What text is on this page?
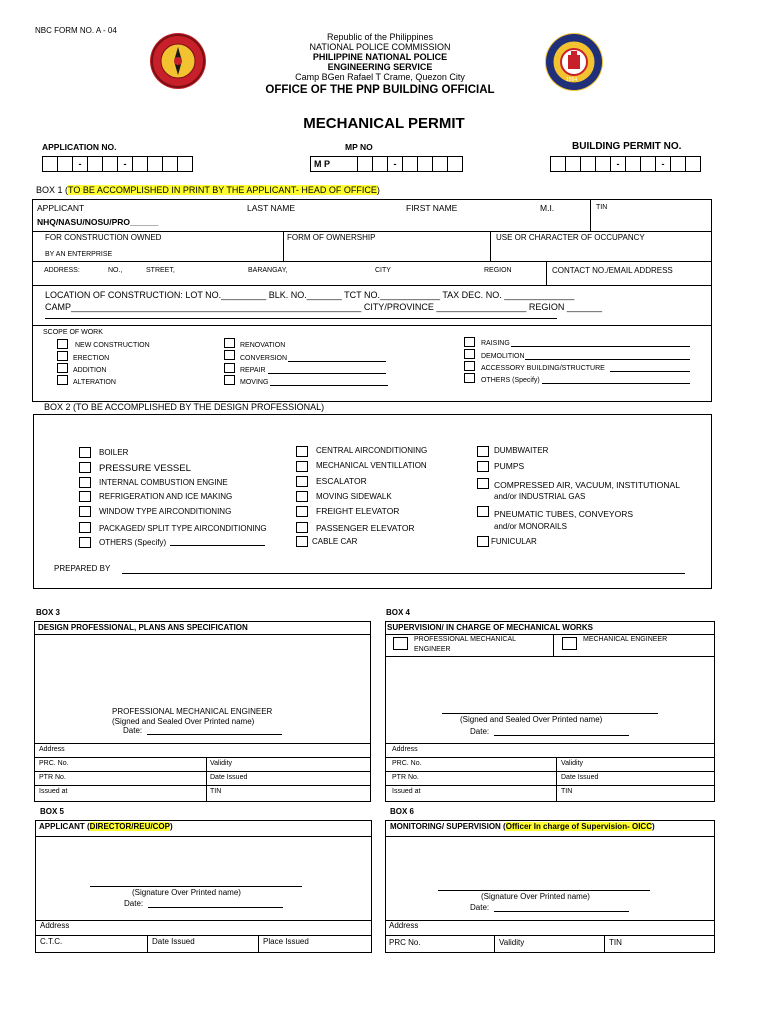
NBC FORM NO. A - 04
1994
Republic of the Philippines
NATIONAL POLICE COMMISSION
PHILIPPINE NATIONAL POLICE
ENGINEERING SERVICE
Camp BGen Rafael T Crame, Quezon City
OFFICE OF THE PNP BUILDING OFFICIAL
MECHANICAL PERMIT
APPLICATION NO.	MP NO	BUILDING PERMIT NO.
-	-	M P	-	-	-
BOX 1 (TO BE ACCOMPLISHED IN PRINT BY THE APPLICANT- HEAD OF OFFICE)
APPLICANT
NHQ/NASU/NOSU/PRO______
LAST NAME	FIRST NAME	M.I.	TIN
FOR CONSTRUCTION OWNED
BY AN ENTERPRISE
FORM OF OWNERSHIP	USE OR CHARACTER OF OCCUPANCY
ADDRESS:	NO.,	STREET,	BARANGAY,	CITY	REGION	CONTACT NO./EMAIL ADDRESS
LOCATION OF CONSTRUCTION: LOT NO._________ BLK. NO._______ TCT NO.____________ TAX DEC. NO. ______________
CAMP__________________________________________________________ CITY/PROVINCE __________________ REGION _______
SCOPE OF WORK
NEW CONSTRUCTION
ERECTION
ADDITION
ALTERATION
RENOVATION
CONVERSION
REPAIR
MOVING
RAISING
DEMOLITION
ACCESSORY BUILDING/STRUCTURE
OTHERS (Specify)
BOX 2 (TO BE ACCOMPLISHED BY THE DESIGN PROFESSIONAL)
BOILER
PRESSURE VESSEL
INTERNAL COMBUSTION ENGINE
REFRIGERATION AND ICE MAKING
WINDOW TYPE AIRCONDITIONING
PACKAGED/ SPLIT TYPE AIRCONDITIONING
OTHERS (Specify)
CENTRAL AIRCONDITIONING
MECHANICAL VENTILLATION
ESCALATOR
MOVING SIDEWALK
FREIGHT ELEVATOR
PASSENGER ELEVATOR
CABLE CAR
DUMBWAITER
PUMPS
COMPRESSED AIR, VACUUM, INSTITUTIONAL
and/or INDUSTRIAL GAS
PNEUMATIC TUBES, CONVEYORS
and/or MONORAILS
FUNICULAR
PREPARED BY
BOX 3
DESIGN PROFESSIONAL, PLANS ANS SPECIFICATION
PROFESSIONAL MECHANICAL ENGINEER
(Signed and Sealed Over Printed name)
Date:
Address
PRC. No.	Validity
PTR No.	Date Issued
Issued at	TIN
BOX 4
SUPERVISION/ IN CHARGE OF MECHANICAL WORKS
PROFESSIONAL MECHANICAL
ENGINEER
MECHANICAL ENGINEER
(Signed and Sealed Over Printed name)
Date:
Address
PRC. No.	Validity
PTR No.	Date Issued
Issued at	TIN
BOX 5
APPLICANT (DIRECTOR/REU/COP)
(Signature Over Printed name)
Date:
Address
C.T.C.	Date Issued	Place Issued
BOX 6
MONITORING/ SUPERVISION (Officer In charge of Supervision- OICC)
(Signature Over Printed name)
Date:
Address
PRC No.	Validity	TIN
